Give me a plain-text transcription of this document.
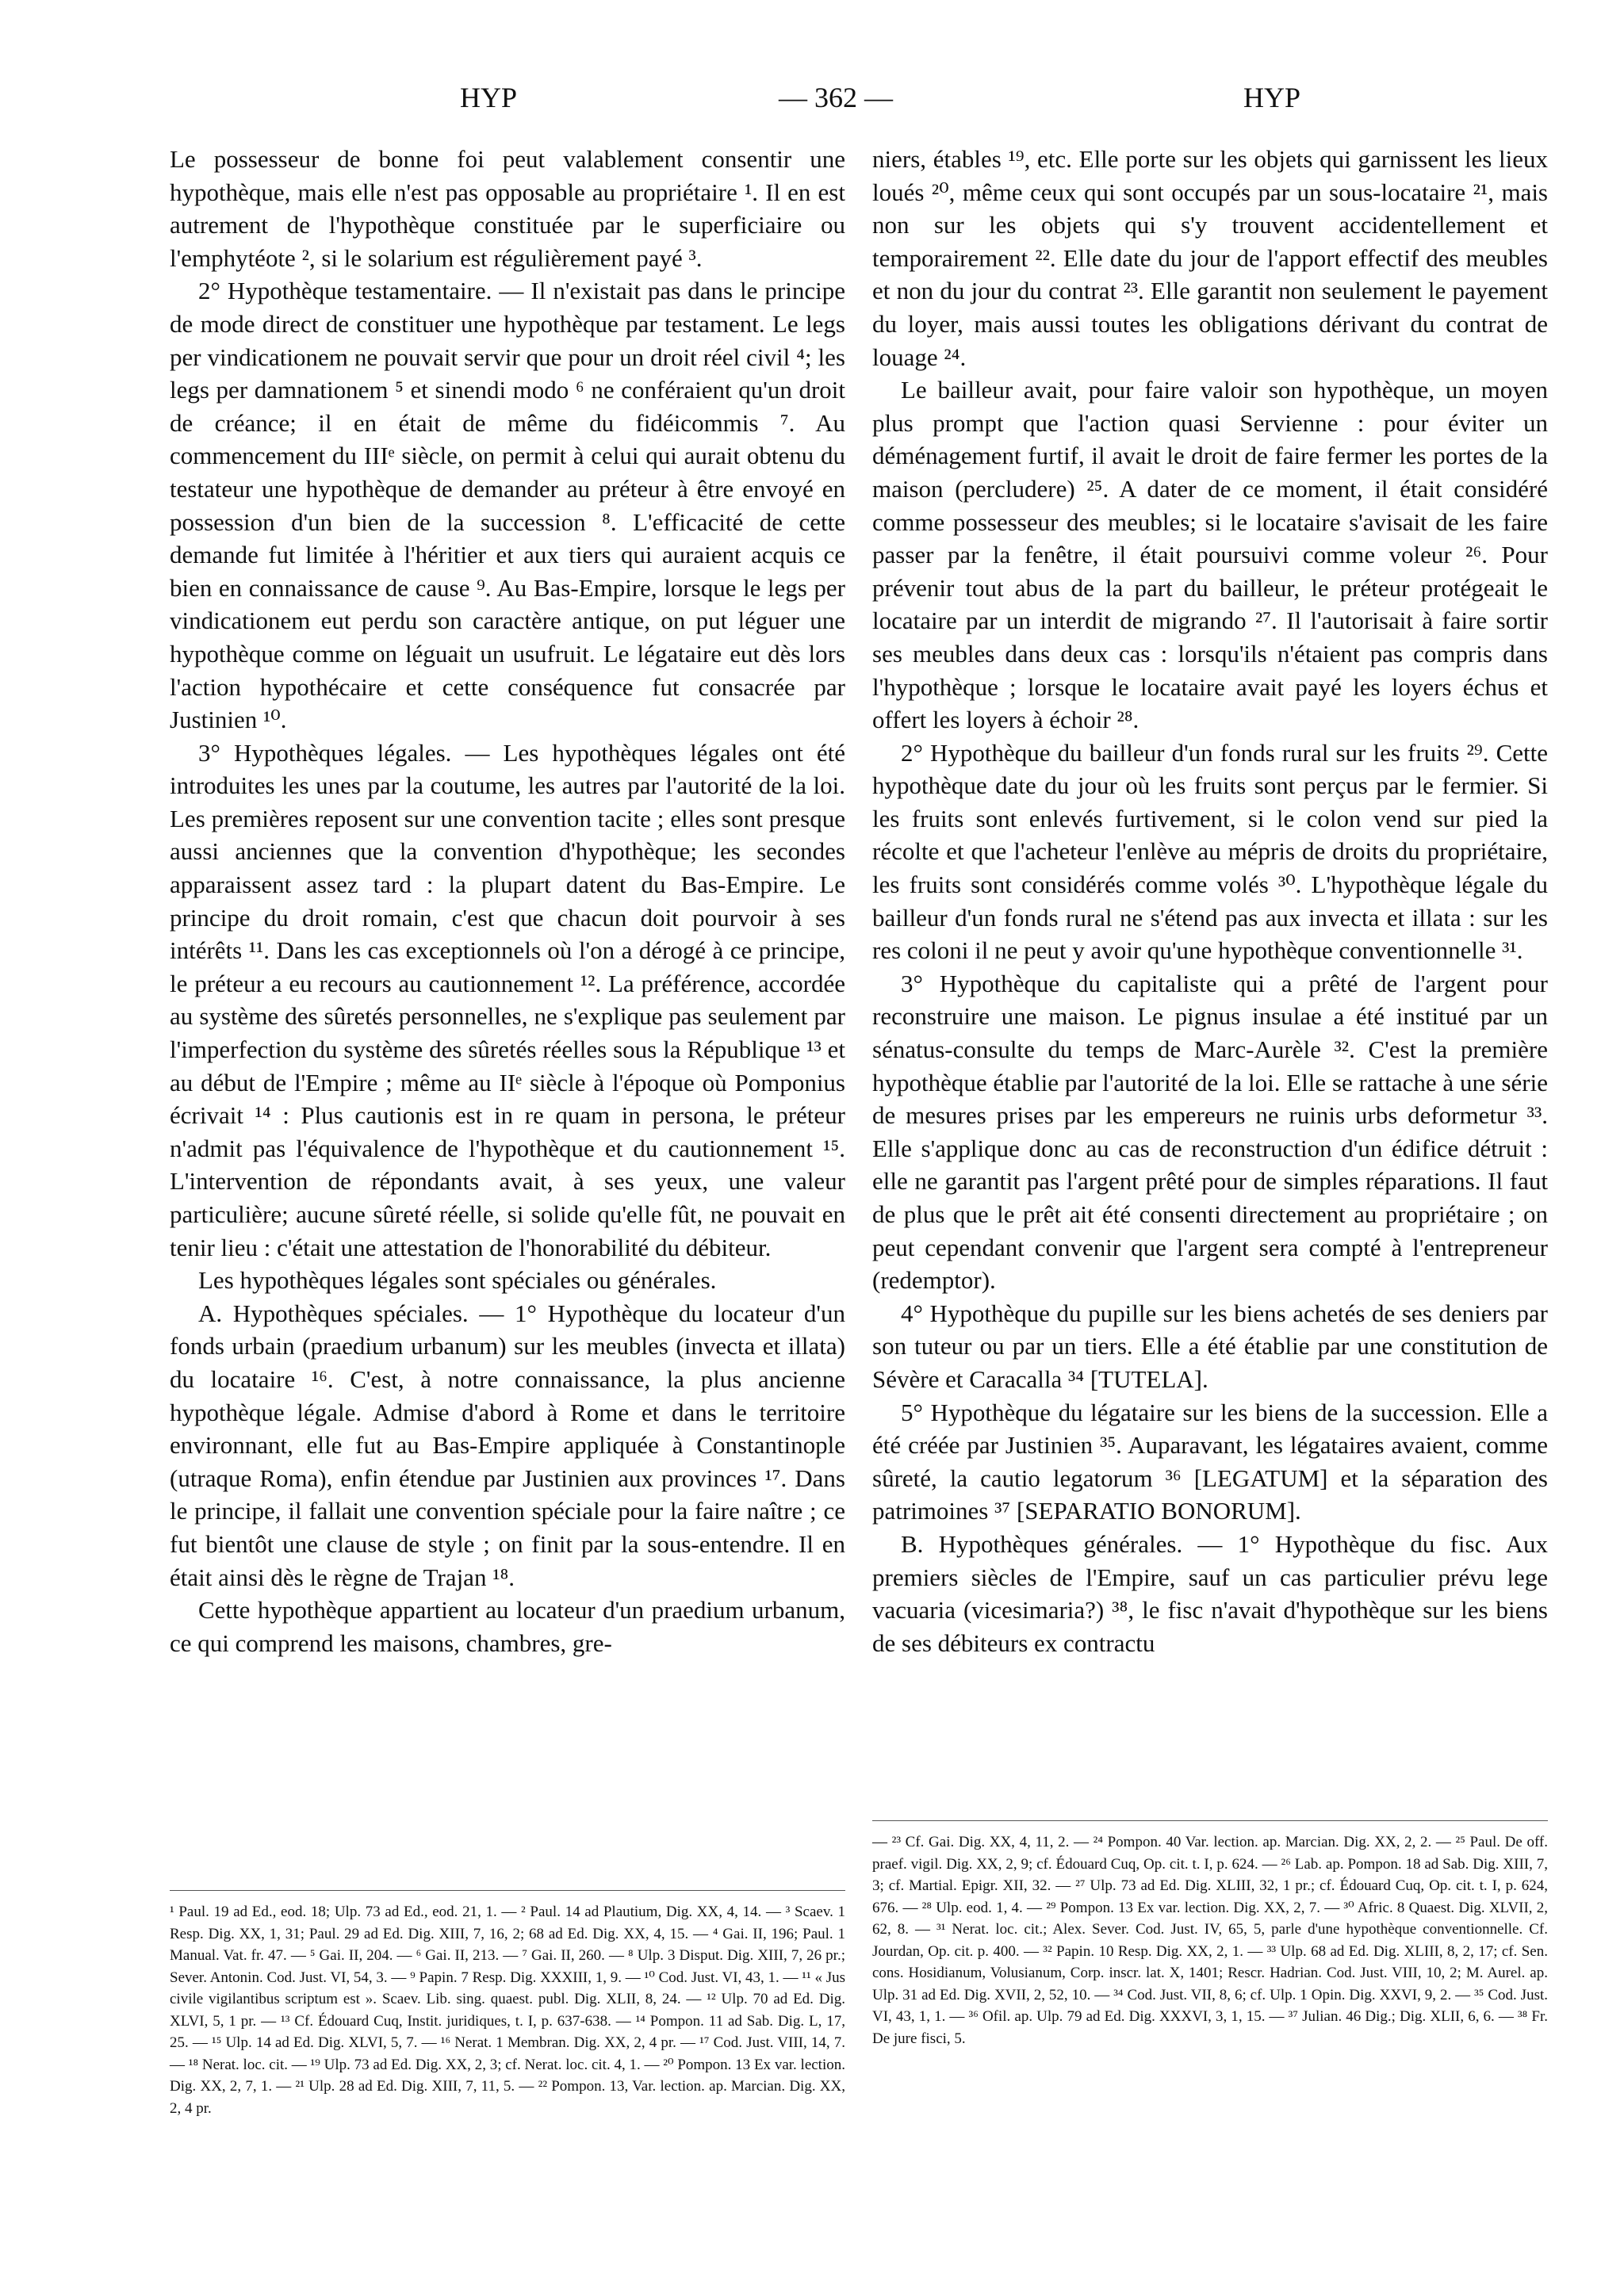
HYP	— 362 —	HYP

Le possesseur de bonne foi peut valablement consentir une hypothèque, mais elle n'est pas opposable au propriétaire ¹. Il en est autrement de l'hypothèque constituée par le superficiaire ou l'emphytéote ², si le solarium est régulièrement payé ³.

2° Hypothèque testamentaire. — Il n'existait pas dans le principe de mode direct de constituer une hypothèque par testament. Le legs per vindicationem ne pouvait servir que pour un droit réel civil ⁴; les legs per damnationem ⁵ et sinendi modo ⁶ ne conféraient qu'un droit de créance; il en était de même du fidéicommis ⁷. Au commencement du IIIᵉ siècle, on permit à celui qui aurait obtenu du testateur une hypothèque de demander au préteur à être envoyé en possession d'un bien de la succession ⁸. L'efficacité de cette demande fut limitée à l'héritier et aux tiers qui auraient acquis ce bien en connaissance de cause ⁹. Au Bas-Empire, lorsque le legs per vindicationem eut perdu son caractère antique, on put léguer une hypothèque comme on léguait un usufruit. Le légataire eut dès lors l'action hypothécaire et cette conséquence fut consacrée par Justinien ¹⁰.

3° Hypothèques légales. — Les hypothèques légales ont été introduites les unes par la coutume, les autres par l'autorité de la loi. Les premières reposent sur une convention tacite ; elles sont presque aussi anciennes que la convention d'hypothèque; les secondes apparaissent assez tard : la plupart datent du Bas-Empire. Le principe du droit romain, c'est que chacun doit pourvoir à ses intérêts ¹¹. Dans les cas exceptionnels où l'on a dérogé à ce principe, le préteur a eu recours au cautionnement ¹². La préférence, accordée au système des sûretés personnelles, ne s'explique pas seulement par l'imperfection du système des sûretés réelles sous la République ¹³ et au début de l'Empire ; même au IIᵉ siècle à l'époque où Pomponius écrivait ¹⁴ : Plus cautionis est in re quam in persona, le préteur n'admit pas l'équivalence de l'hypothèque et du cautionnement ¹⁵. L'intervention de répondants avait, à ses yeux, une valeur particulière; aucune sûreté réelle, si solide qu'elle fût, ne pouvait en tenir lieu : c'était une attestation de l'honorabilité du débiteur.

Les hypothèques légales sont spéciales ou générales.

A. Hypothèques spéciales. — 1° Hypothèque du locateur d'un fonds urbain (praedium urbanum) sur les meubles (invecta et illata) du locataire ¹⁶. C'est, à notre connaissance, la plus ancienne hypothèque légale. Admise d'abord à Rome et dans le territoire environnant, elle fut au Bas-Empire appliquée à Constantinople (utraque Roma), enfin étendue par Justinien aux provinces ¹⁷. Dans le principe, il fallait une convention spéciale pour la faire naître ; ce fut bientôt une clause de style ; on finit par la sous-entendre. Il en était ainsi dès le règne de Trajan ¹⁸.

Cette hypothèque appartient au locateur d'un praedium urbanum, ce qui comprend les maisons, chambres, gre-

niers, étables ¹⁹, etc. Elle porte sur les objets qui garnissent les lieux loués ²⁰, même ceux qui sont occupés par un sous-locataire ²¹, mais non sur les objets qui s'y trouvent accidentellement et temporairement ²². Elle date du jour de l'apport effectif des meubles et non du jour du contrat ²³. Elle garantit non seulement le payement du loyer, mais aussi toutes les obligations dérivant du contrat de louage ²⁴.

Le bailleur avait, pour faire valoir son hypothèque, un moyen plus prompt que l'action quasi Servienne : pour éviter un déménagement furtif, il avait le droit de faire fermer les portes de la maison (percludere) ²⁵. A dater de ce moment, il était considéré comme possesseur des meubles; si le locataire s'avisait de les faire passer par la fenêtre, il était poursuivi comme voleur ²⁶. Pour prévenir tout abus de la part du bailleur, le préteur protégeait le locataire par un interdit de migrando ²⁷. Il l'autorisait à faire sortir ses meubles dans deux cas : lorsqu'ils n'étaient pas compris dans l'hypothèque ; lorsque le locataire avait payé les loyers échus et offert les loyers à échoir ²⁸.

2° Hypothèque du bailleur d'un fonds rural sur les fruits ²⁹. Cette hypothèque date du jour où les fruits sont perçus par le fermier. Si les fruits sont enlevés furtivement, si le colon vend sur pied la récolte et que l'acheteur l'enlève au mépris de droits du propriétaire, les fruits sont considérés comme volés ³⁰. L'hypothèque légale du bailleur d'un fonds rural ne s'étend pas aux invecta et illata : sur les res coloni il ne peut y avoir qu'une hypothèque conventionnelle ³¹.

3° Hypothèque du capitaliste qui a prêté de l'argent pour reconstruire une maison. Le pignus insulae a été institué par un sénatus-consulte du temps de Marc-Aurèle ³². C'est la première hypothèque établie par l'autorité de la loi. Elle se rattache à une série de mesures prises par les empereurs ne ruinis urbs deformetur ³³. Elle s'applique donc au cas de reconstruction d'un édifice détruit : elle ne garantit pas l'argent prêté pour de simples réparations. Il faut de plus que le prêt ait été consenti directement au propriétaire ; on peut cependant convenir que l'argent sera compté à l'entrepreneur (redemptor).

4° Hypothèque du pupille sur les biens achetés de ses deniers par son tuteur ou par un tiers. Elle a été établie par une constitution de Sévère et Caracalla ³⁴ [TUTELA].

5° Hypothèque du légataire sur les biens de la succession. Elle a été créée par Justinien ³⁵. Auparavant, les légataires avaient, comme sûreté, la cautio legatorum ³⁶ [LEGATUM] et la séparation des patrimoines ³⁷ [SEPARATIO BONORUM].

B. Hypothèques générales. — 1° Hypothèque du fisc. Aux premiers siècles de l'Empire, sauf un cas particulier prévu lege vacuaria (vicesimaria?) ³⁸, le fisc n'avait d'hypothèque sur les biens de ses débiteurs ex contractu

¹ Paul. 19 ad Ed., eod. 18; Ulp. 73 ad Ed., eod. 21, 1. — ² Paul. 14 ad Plautium, Dig. XX, 4, 14. — ³ Scaev. 1 Resp. Dig. XX, 1, 31; Paul. 29 ad Ed. Dig. XIII, 7, 16, 2; 68 ad Ed. Dig. XX, 4, 15. — ⁴ Gai. II, 196; Paul. 1 Manual. Vat. fr. 47. — ⁵ Gai. II, 204. — ⁶ Gai. II, 213. — ⁷ Gai. II, 260. — ⁸ Ulp. 3 Disput. Dig. XIII, 7, 26 pr.; Sever. Antonin. Cod. Just. VI, 54, 3. — ⁹ Papin. 7 Resp. Dig. XXXIII, 1, 9. — ¹⁰ Cod. Just. VI, 43, 1. — ¹¹ « Jus civile vigilantibus scriptum est ». Scaev. Lib. sing. quaest. publ. Dig. XLII, 8, 24. — ¹² Ulp. 70 ad Ed. Dig. XLVI, 5, 1 pr. — ¹³ Cf. Édouard Cuq, Instit. juridiques, t. I, p. 637-638. — ¹⁴ Pompon. 11 ad Sab. Dig. L, 17, 25. — ¹⁵ Ulp. 14 ad Ed. Dig. XLVI, 5, 7. — ¹⁶ Nerat. 1 Membran. Dig. XX, 2, 4 pr. — ¹⁷ Cod. Just. VIII, 14, 7. — ¹⁸ Nerat. loc. cit. — ¹⁹ Ulp. 73 ad Ed. Dig. XX, 2, 3; cf. Nerat. loc. cit. 4, 1. — ²⁰ Pompon. 13 Ex var. lection. Dig. XX, 2, 7, 1. — ²¹ Ulp. 28 ad Ed. Dig. XIII, 7, 11, 5. — ²² Pompon. 13, Var. lection. ap. Marcian. Dig. XX, 2, 4 pr.

— ²³ Cf. Gai. Dig. XX, 4, 11, 2. — ²⁴ Pompon. 40 Var. lection. ap. Marcian. Dig. XX, 2, 2. — ²⁵ Paul. De off. praef. vigil. Dig. XX, 2, 9; cf. Édouard Cuq, Op. cit. t. I, p. 624. — ²⁶ Lab. ap. Pompon. 18 ad Sab. Dig. XIII, 7, 3; cf. Martial. Epigr. XII, 32. — ²⁷ Ulp. 73 ad Ed. Dig. XLIII, 32, 1 pr.; cf. Édouard Cuq, Op. cit. t. I, p. 624, 676. — ²⁸ Ulp. eod. 1, 4. — ²⁹ Pompon. 13 Ex var. lection. Dig. XX, 2, 7. — ³⁰ Afric. 8 Quaest. Dig. XLVII, 2, 62, 8. — ³¹ Nerat. loc. cit.; Alex. Sever. Cod. Just. IV, 65, 5, parle d'une hypothèque conventionnelle. Cf. Jourdan, Op. cit. p. 400. — ³² Papin. 10 Resp. Dig. XX, 2, 1. — ³³ Ulp. 68 ad Ed. Dig. XLIII, 8, 2, 17; cf. Sen. cons. Hosidianum, Volusianum, Corp. inscr. lat. X, 1401; Rescr. Hadrian. Cod. Just. VIII, 10, 2; M. Aurel. ap. Ulp. 31 ad Ed. Dig. XVII, 2, 52, 10. — ³⁴ Cod. Just. VII, 8, 6; cf. Ulp. 1 Opin. Dig. XXVI, 9, 2. — ³⁵ Cod. Just. VI, 43, 1, 1. — ³⁶ Ofil. ap. Ulp. 79 ad Ed. Dig. XXXVI, 3, 1, 15. — ³⁷ Julian. 46 Dig.; Dig. XLII, 6, 6. — ³⁸ Fr. De jure fisci, 5.
